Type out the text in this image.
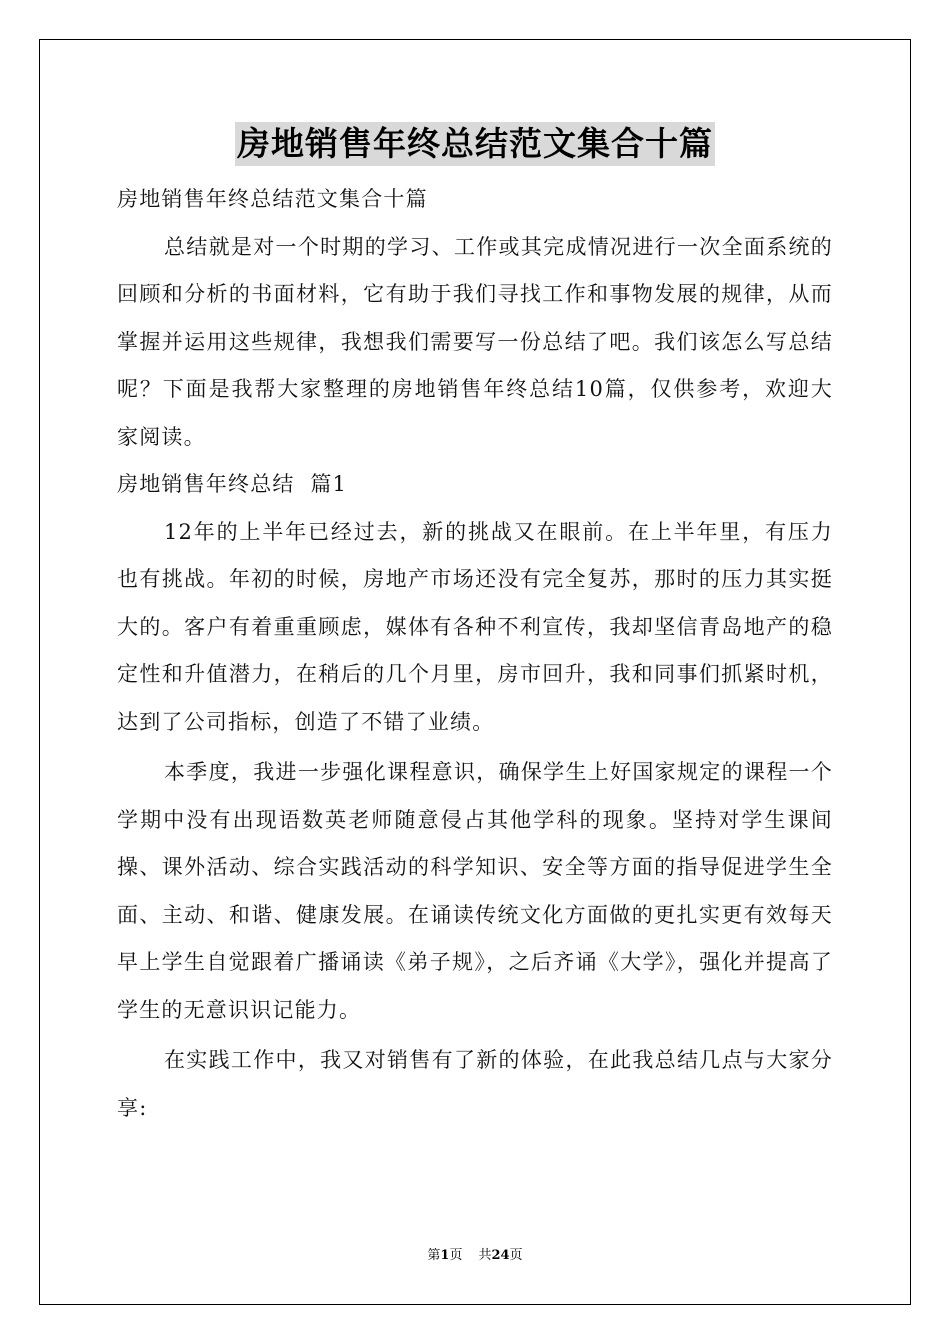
房地销售年终总结范文集合十篇

房地销售年终总结范文集合十篇

总结就是对一个时期的学习、工作或其完成情况进行一次全面系统的回顾和分析的书面材料，它有助于我们寻找工作和事物发展的规律，从而掌握并运用这些规律，我想我们需要写一份总结了吧。我们该怎么写总结呢？下面是我帮大家整理的房地销售年终总结10篇，仅供参考，欢迎大家阅读。

房地销售年终总结  篇1

12年的上半年已经过去，新的挑战又在眼前。在上半年里，有压力也有挑战。年初的时候，房地产市场还没有完全复苏，那时的压力其实挺大的。客户有着重重顾虑，媒体有各种不利宣传，我却坚信青岛地产的稳定性和升值潜力，在稍后的几个月里，房市回升，我和同事们抓紧时机，达到了公司指标，创造了不错了业绩。

本季度，我进一步强化课程意识，确保学生上好国家规定的课程一个学期中没有出现语数英老师随意侵占其他学科的现象。坚持对学生课间操、课外活动、综合实践活动的科学知识、安全等方面的指导促进学生全面、主动、和谐、健康发展。在诵读传统文化方面做的更扎实更有效每天早上学生自觉跟着广播诵读《弟子规》，之后齐诵《大学》，强化并提高了学生的无意识识记能力。

在实践工作中，我又对销售有了新的体验，在此我总结几点与大家分享:

第1页 共24页
